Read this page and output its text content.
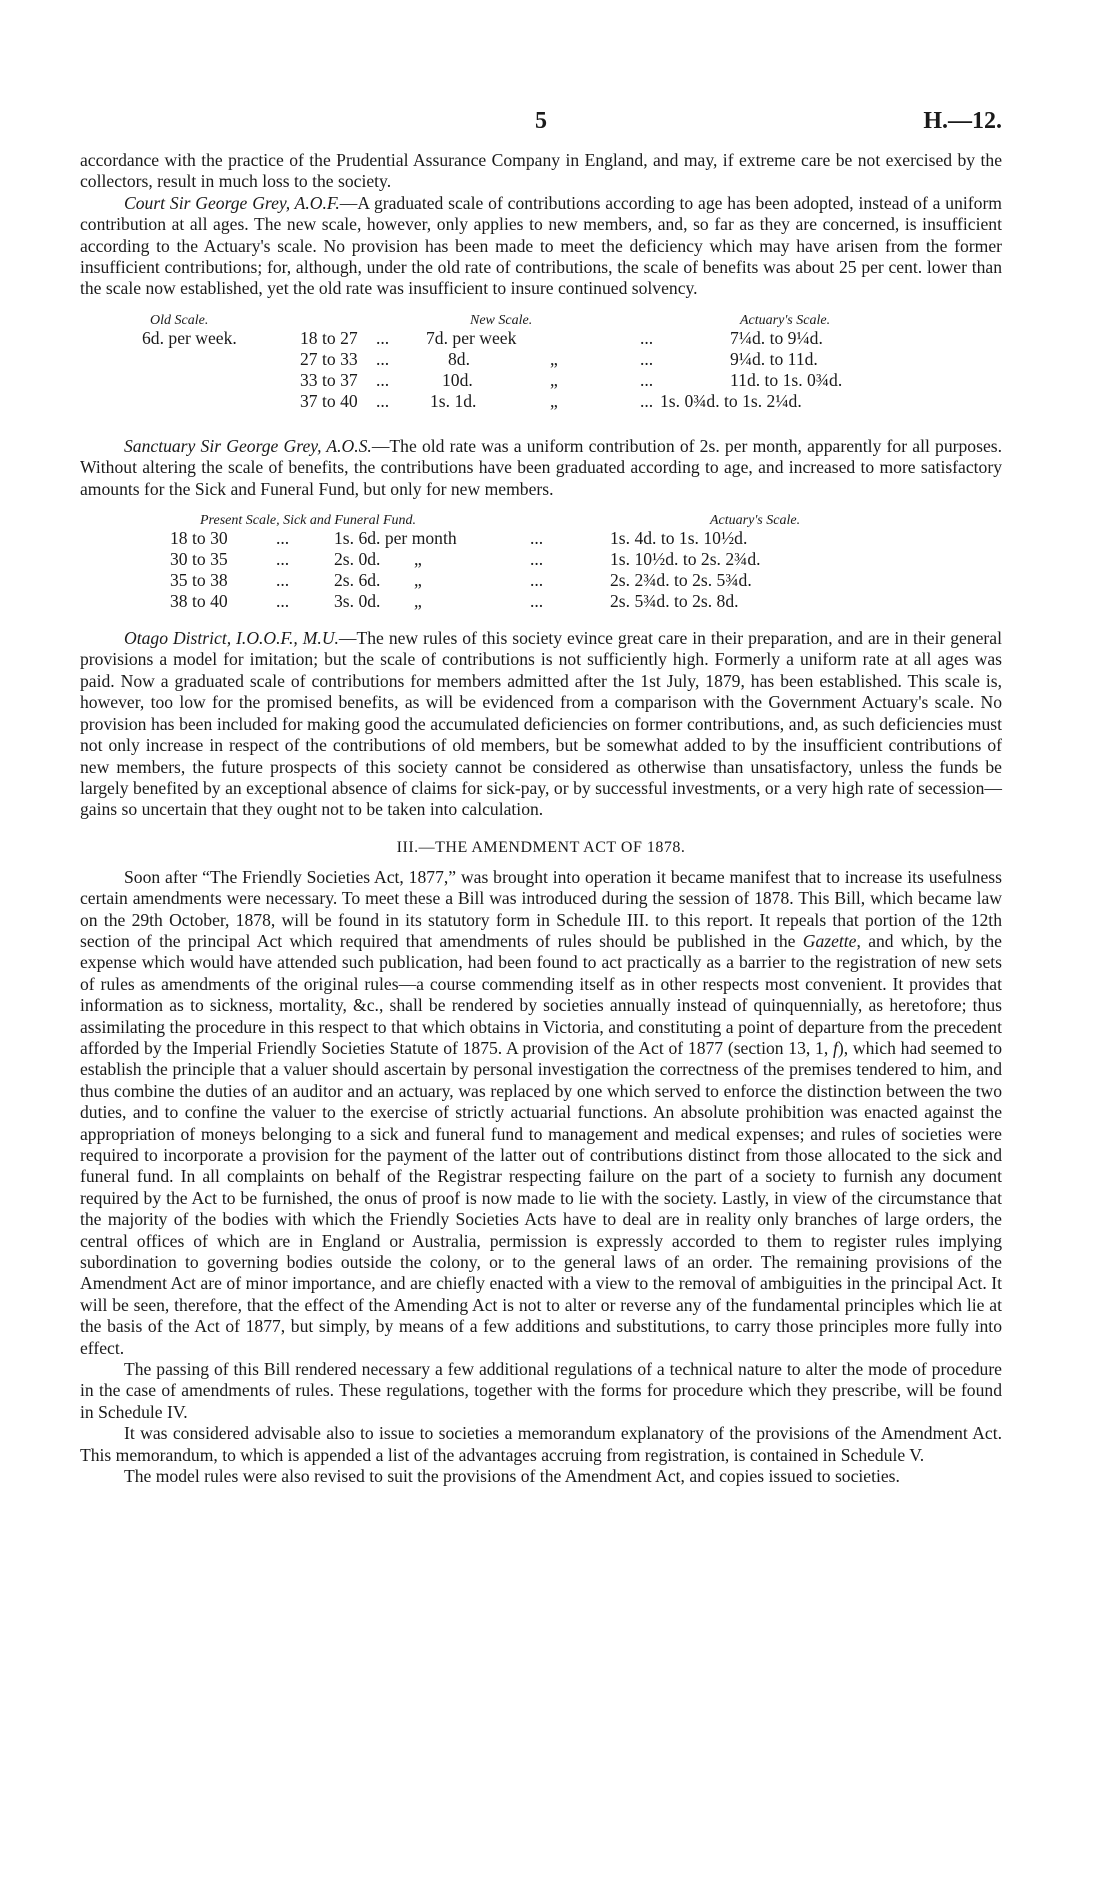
5	H.—12.

accordance with the practice of the Prudential Assurance Company in England, and may, if extreme care be not exercised by the collectors, result in much loss to the society.

Court Sir George Grey, A.O.F.—A graduated scale of contributions according to age has been adopted, instead of a uniform contribution at all ages. The new scale, however, only applies to new members, and, so far as they are concerned, is insufficient according to the Actuary's scale. No provision has been made to meet the deficiency which may have arisen from the former insufficient contributions; for, although, under the old rate of contributions, the scale of benefits was about 25 per cent. lower than the scale now established, yet the old rate was insufficient to insure continued solvency.

Old Scale.	New Scale.	Actuary's Scale.
6d. per week.	18 to 27 ... 7d. per week	...	7¼d. to 9¼d.
27 to 33 ...	8d.	„	...	9¼d. to 11d.
33 to 37 ...	10d.	„	...	11d. to 1s. 0¾d.
37 to 40 ... 1s. 1d.	„	... 1s. 0¾d. to 1s. 2¼d.

Sanctuary Sir George Grey, A.O.S.—The old rate was a uniform contribution of 2s. per month, apparently for all purposes. Without altering the scale of benefits, the contributions have been graduated according to age, and increased to more satisfactory amounts for the Sick and Funeral Fund, but only for new members.

Present Scale, Sick and Funeral Fund.	Actuary's Scale.
18 to 30	...	1s. 6d. per month	...	1s. 4d. to 1s. 10½d.
30 to 35	...	2s. 0d. „	...	1s. 10½d. to 2s. 2¾d.
35 to 38	...	2s. 6d. „	...	2s. 2¾d. to 2s. 5¾d.
38 to 40	...	3s. 0d. „	...	2s. 5¾d. to 2s. 8d.

Otago District, I.O.O.F., M.U.—The new rules of this society evince great care in their preparation, and are in their general provisions a model for imitation; but the scale of contributions is not sufficiently high. Formerly a uniform rate at all ages was paid. Now a graduated scale of contributions for members admitted after the 1st July, 1879, has been established. This scale is, however, too low for the promised benefits, as will be evidenced from a comparison with the Government Actuary's scale. No provision has been included for making good the accumulated deficiencies on former contributions, and, as such deficiencies must not only increase in respect of the contributions of old members, but be somewhat added to by the insufficient contributions of new members, the future prospects of this society cannot be considered as otherwise than unsatisfactory, unless the funds be largely benefited by an exceptional absence of claims for sick-pay, or by successful investments, or a very high rate of secession—gains so uncertain that they ought not to be taken into calculation.

III.—THE AMENDMENT ACT OF 1878.

Soon after “The Friendly Societies Act, 1877,” was brought into operation it became manifest that to increase its usefulness certain amendments were necessary. To meet these a Bill was introduced during the session of 1878. This Bill, which became law on the 29th October, 1878, will be found in its statutory form in Schedule III. to this report. It repeals that portion of the 12th section of the principal Act which required that amendments of rules should be published in the Gazette, and which, by the expense which would have attended such publication, had been found to act practically as a barrier to the registration of new sets of rules as amendments of the original rules—a course commending itself as in other respects most convenient. It provides that information as to sickness, mortality, &c., shall be rendered by societies annually instead of quinquennially, as heretofore; thus assimilating the procedure in this respect to that which obtains in Victoria, and constituting a point of departure from the precedent afforded by the Imperial Friendly Societies Statute of 1875. A provision of the Act of 1877 (section 13, 1, f), which had seemed to establish the principle that a valuer should ascertain by personal investigation the correctness of the premises tendered to him, and thus combine the duties of an auditor and an actuary, was replaced by one which served to enforce the distinction between the two duties, and to confine the valuer to the exercise of strictly actuarial functions. An absolute prohibition was enacted against the appropriation of moneys belonging to a sick and funeral fund to management and medical expenses; and rules of societies were required to incorporate a provision for the payment of the latter out of contributions distinct from those allocated to the sick and funeral fund. In all complaints on behalf of the Registrar respecting failure on the part of a society to furnish any document required by the Act to be furnished, the onus of proof is now made to lie with the society. Lastly, in view of the circumstance that the majority of the bodies with which the Friendly Societies Acts have to deal are in reality only branches of large orders, the central offices of which are in England or Australia, permission is expressly accorded to them to register rules implying subordination to governing bodies outside the colony, or to the general laws of an order. The remaining provisions of the Amendment Act are of minor importance, and are chiefly enacted with a view to the removal of ambiguities in the principal Act. It will be seen, therefore, that the effect of the Amending Act is not to alter or reverse any of the fundamental principles which lie at the basis of the Act of 1877, but simply, by means of a few additions and substitutions, to carry those principles more fully into effect.

The passing of this Bill rendered necessary a few additional regulations of a technical nature to alter the mode of procedure in the case of amendments of rules. These regulations, together with the forms for procedure which they prescribe, will be found in Schedule IV.

It was considered advisable also to issue to societies a memorandum explanatory of the provisions of the Amendment Act. This memorandum, to which is appended a list of the advantages accruing from registration, is contained in Schedule V.

The model rules were also revised to suit the provisions of the Amendment Act, and copies issued to societies.
